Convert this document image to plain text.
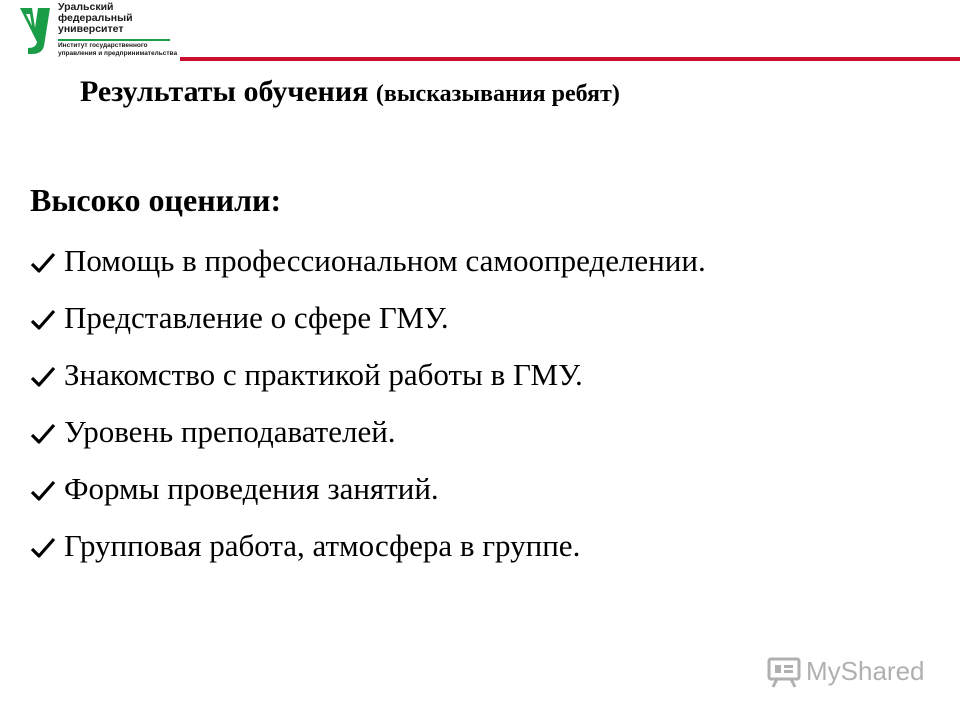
Уральский
федеральный
университет
Институт государственного
управления и предпринимательства
Результаты обучения (высказывания ребят)
Высоко оценили:
Помощь в профессиональном самоопределении.
Представление о сфере ГМУ.
Знакомство с практикой работы в ГМУ.
Уровень преподавателей.
Формы проведения занятий.
Групповая работа, атмосфера в группе.
MyShared
